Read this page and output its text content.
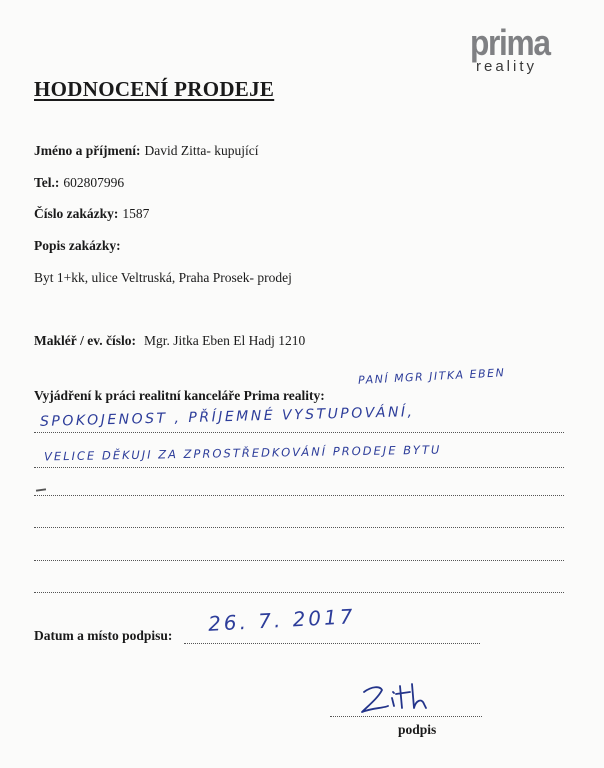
prima
reality
HODNOCENÍ PRODEJE
Jméno a příjmení: David Zitta- kupující
Tel.: 602807996
Číslo zakázky: 1587
Popis zakázky:
Byt 1+kk, ulice Veltruská, Praha Prosek- prodej
Makléř / ev. číslo: Mgr. Jitka Eben El Hadj 1210
Vyjádření k práci realitní kanceláře Prima reality:
PANÍ MGR JITKA EBEN
SPOKOJENOST , PŘÍJEMNÉ VYSTUPOVÁNÍ,
VELICE DĚKUJI ZA ZPROSTŘEDKOVÁNÍ PRODEJE BYTU
Datum a místo podpisu: 26. 7. 2017
podpis
